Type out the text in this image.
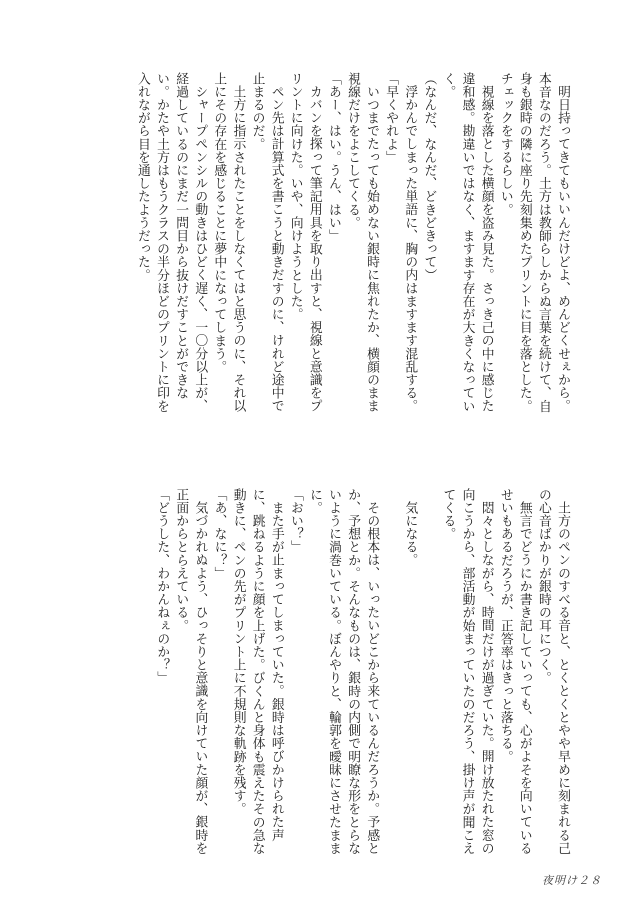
明日持ってきてもいいんだけどよ、めんどくせぇから。本音なのだろう。土方は教師らしからぬ言葉を続けて、自身も銀時の隣に座り先刻集めたプリントに目を落とした。チェックをするらしい。

視線を落とした横顔を盗み見た。さっき己の中に感じた違和感。勘違いではなく、ますます存在が大きくなっていく。

（なんだ、なんだ、どきどきって）

浮かんでしまった単語に、胸の内はますます混乱する。

「早くやれよ」

いつまでたっても始めない銀時に焦れたか、横顔のまま視線だけをよこしてくる。

「あー、はい。うん、はい」

カバンを探って筆記用具を取り出すと、視線と意識をプリントに向けた。いや、向けようとした。

ペン先は計算式を書こうと動きだすのに、けれど途中で止まるのだ。

土方に指示されたことをしなくてはと思うのに、それ以上にその存在を感じることに夢中になってしまう。

シャープペンシルの動きはひどく遅く、一〇分以上が、経過しているのにまだ一問目から抜けだすことができない。かたや土方はもうクラスの半分ほどのプリントに印を入れながら目を通したようだった。

土方のペンのすべる音と、とくとくとやや早めに刻まれる己の心音ばかりが銀時の耳につく。

無言でどうにか書き記していっても、心がよそを向いているせいもあるだろうが、正答率はきっと落ちる。

悶々としながら、時間だけが過ぎていた。開け放たれた窓の向こうから、部活動が始まっていたのだろう、掛け声が聞こえてくる。

気になる。

その根本は、いったいどこから来ているんだろうか。予感とか、予想とか。そんなものは、銀時の内側で明瞭な形をとらないように渦巻いている。ぼんやりと、輪郭を曖昧にさせたままに。

「おい？」

また手が止まってしまっていた。銀時は呼びかけられた声に、跳ねるように顔を上げた。びくんと身体も震えたその急な動きに、ペンの先がプリント上に不規則な軌跡を残す。

「あ、なに？」

気づかれぬよう、ひっそりと意識を向けていた顔が、銀時を正面からとらえている。

「どうした、わかんねぇのか？」

夜明け２８
